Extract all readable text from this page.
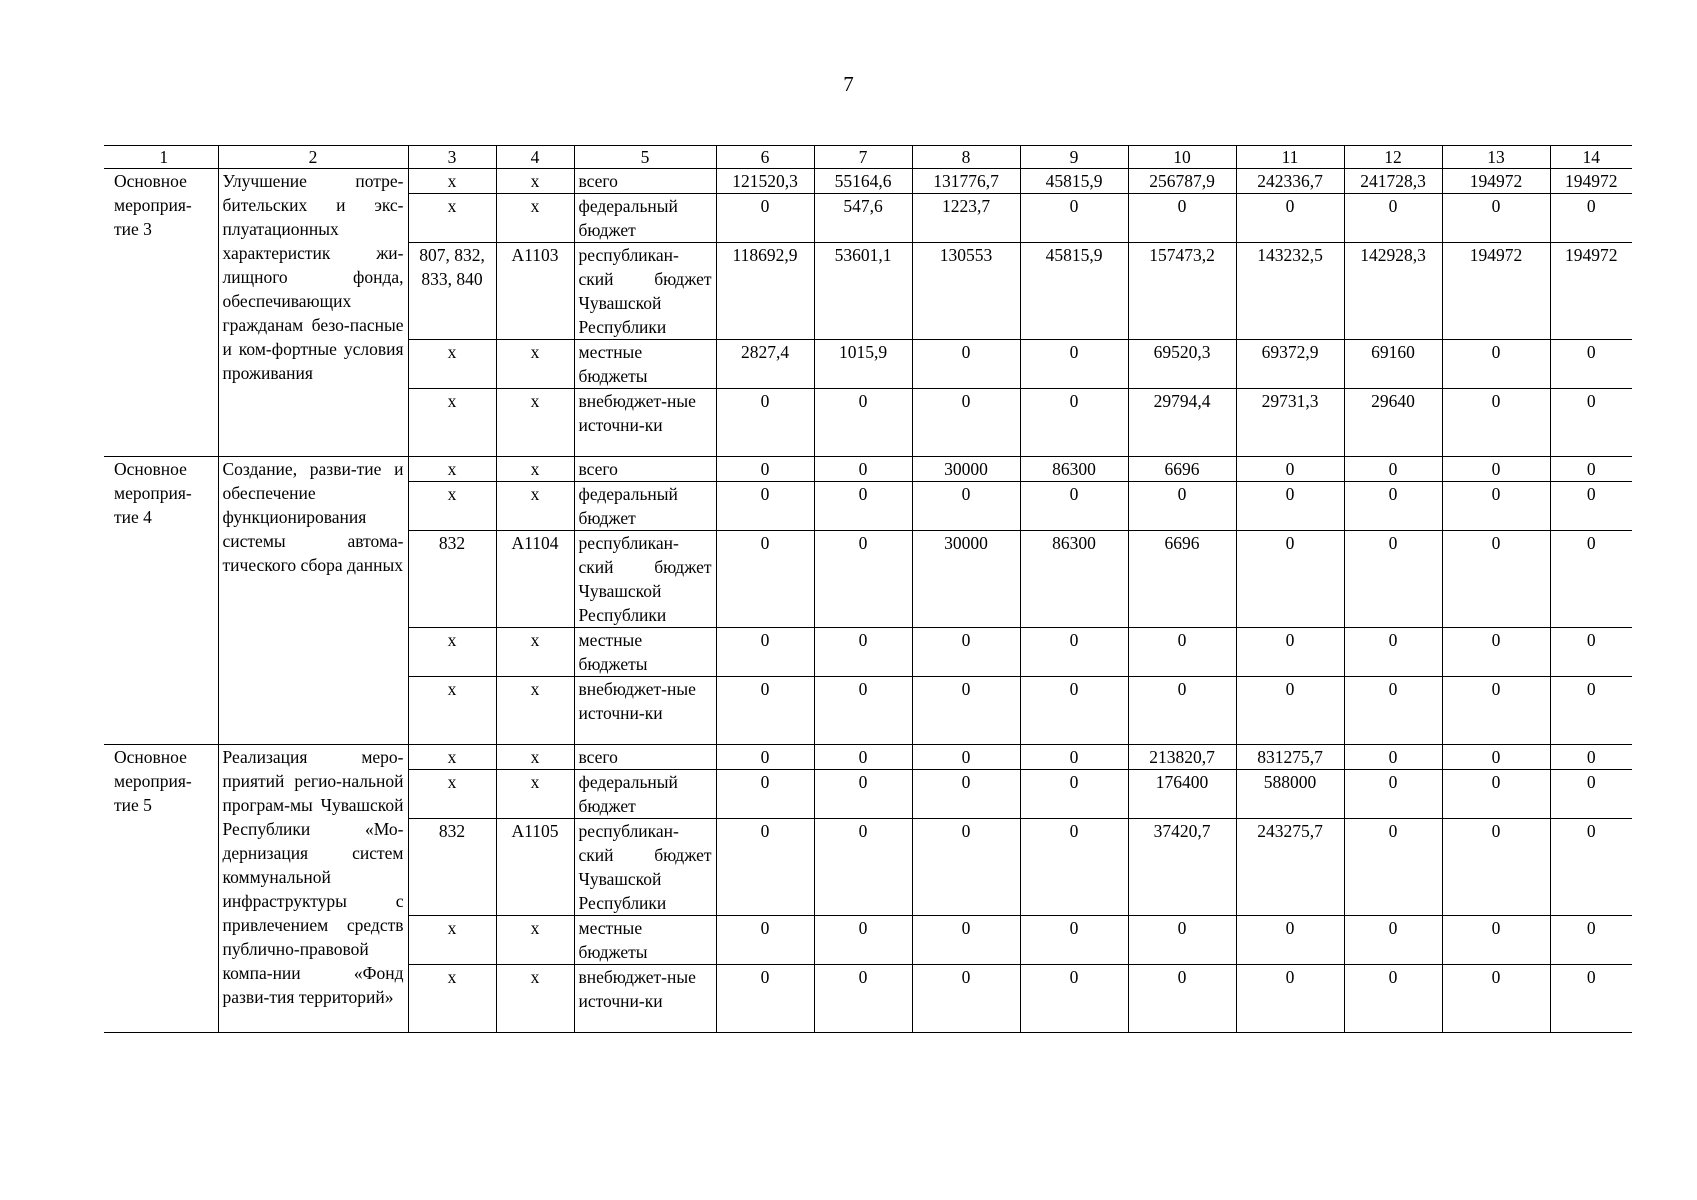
7
1	2	3	4	5	6	7	8	9	10	11	12	13	14
Основное мероприя-тие 3	Улучшение потре-бительских и экс-плуатационных характеристик жи-лищного фонда, обеспечивающих гражданам безо-пасные и ком-фортные условия проживания	x	x	всего	121520,3	55164,6	131776,7	45815,9	256787,9	242336,7	241728,3	194972	194972
		x	x	федеральный бюджет	0	547,6	1223,7	0	0	0	0	0	0
		807, 832, 833, 840	A1103	республикан-ский бюджет Чувашской Республики	118692,9	53601,1	130553	45815,9	157473,2	143232,5	142928,3	194972	194972
		x	x	местные бюджеты	2827,4	1015,9	0	0	69520,3	69372,9	69160	0	0
		x	x	внебюджет-ные источни-ки	0	0	0	0	29794,4	29731,3	29640	0	0
Основное мероприя-тие 4	Создание, разви-тие и обеспечение функционирования системы автома-тического сбора данных	x	x	всего	0	0	30000	86300	6696	0	0	0	0
		x	x	федеральный бюджет	0	0	0	0	0	0	0	0	0
		832	A1104	республикан-ский бюджет Чувашской Республики	0	0	30000	86300	6696	0	0	0	0
		x	x	местные бюджеты	0	0	0	0	0	0	0	0	0
		x	x	внебюджет-ные источни-ки	0	0	0	0	0	0	0	0	0
Основное мероприя-тие 5	Реализация меро-приятий регио-нальной програм-мы Чувашской Республики «Мо-дернизация систем коммунальной инфраструктуры с привлечением средств публично-правовой компа-нии «Фонд разви-тия территорий»	x	x	всего	0	0	0	0	213820,7	831275,7	0	0	0
		x	x	федеральный бюджет	0	0	0	0	176400	588000	0	0	0
		832	A1105	республикан-ский бюджет Чувашской Республики	0	0	0	0	37420,7	243275,7	0	0	0
		x	x	местные бюджеты	0	0	0	0	0	0	0	0	0
		x	x	внебюджет-ные источни-ки	0	0	0	0	0	0	0	0	0
